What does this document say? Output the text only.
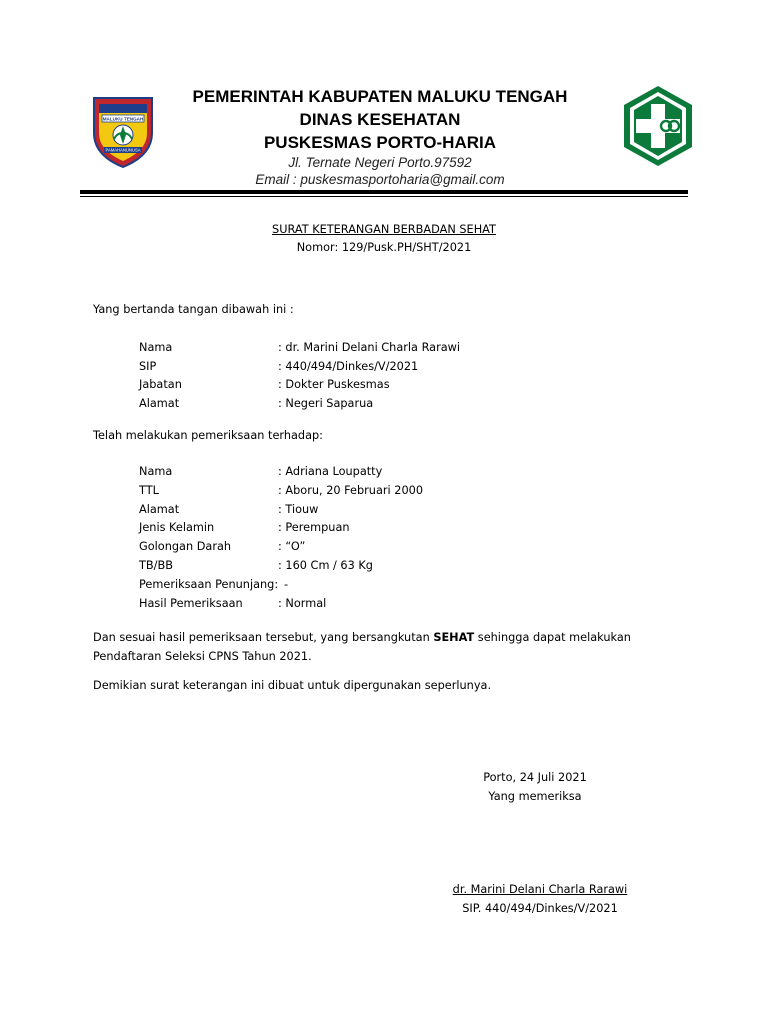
MALUKU TENGAH
PAMAHANUNUSA
PEMERINTAH KABUPATEN MALUKU TENGAH
DINAS KESEHATAN
PUSKESMAS PORTO-HARIA
Jl. Ternate Negeri Porto.97592
Email : puskesmasportoharia@gmail.com
SURAT KETERANGAN BERBADAN SEHAT
Nomor: 129/Pusk.PH/SHT/2021
Yang bertanda tangan dibawah ini :
Nama	: dr. Marini Delani Charla Rarawi
SIP	: 440/494/Dinkes/V/2021
Jabatan	: Dokter Puskesmas
Alamat	: Negeri Saparua
Telah melakukan pemeriksaan terhadap:
Nama	: Adriana Loupatty
TTL	: Aboru, 20 Februari 2000
Alamat	: Tiouw
Jenis Kelamin	: Perempuan
Golongan Darah	: “O”
TB/BB	: 160 Cm / 63 Kg
Pemeriksaan Penunjang: -
Hasil Pemeriksaan	: Normal
Dan sesuai hasil pemeriksaan tersebut, yang bersangkutan SEHAT sehingga dapat melakukan Pendaftaran Seleksi CPNS Tahun 2021.
Demikian surat keterangan ini dibuat untuk dipergunakan seperlunya.
Porto, 24 Juli 2021
Yang memeriksa
dr. Marini Delani Charla Rarawi
SIP. 440/494/Dinkes/V/2021
